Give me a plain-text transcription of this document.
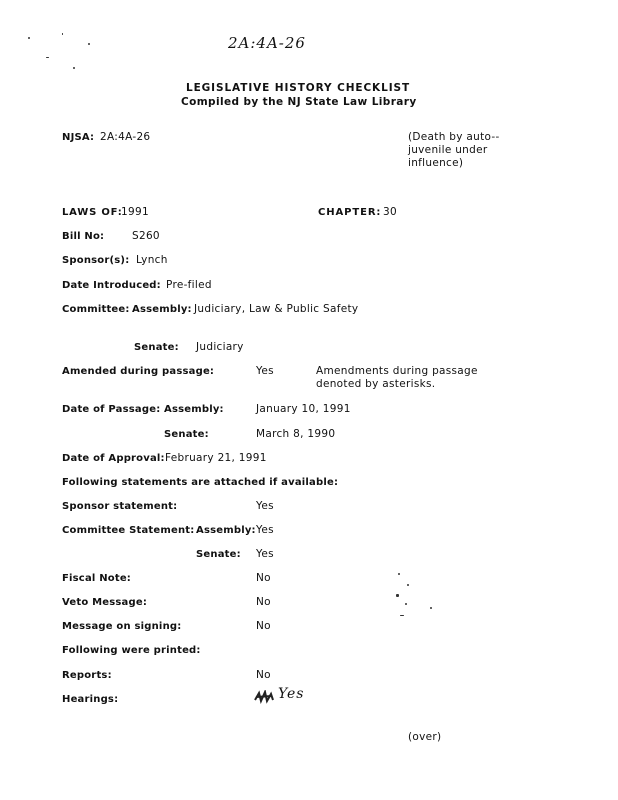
2A:4A-26
LEGISLATIVE HISTORY CHECKLIST
Compiled by the NJ State Law Library
NJSA: 2A:4A-26	(Death by auto--
juvenile under
influence)
LAWS OF:
1991	CHAPTER: 30
Bill No:	S260
Sponsor(s): Lynch
Date Introduced: Pre-filed
Committee: Assembly: Judiciary, Law & Public Safety
Senate: Judiciary
Amended during passage:	Yes	Amendments during passage
denoted by asterisks.
Date of Passage: Assembly:	January 10, 1991
Senate:	March 8, 1990
Date of Approval: February 21, 1991
Following statements are attached if available:
Sponsor statement:	Yes
Committee Statement: Assembly: Yes
Senate: Yes
Fiscal Note:	No
Veto Message:	No
Message on signing:	No
Following were printed:
Reports:	No
Hearings:	Yes
(over)
